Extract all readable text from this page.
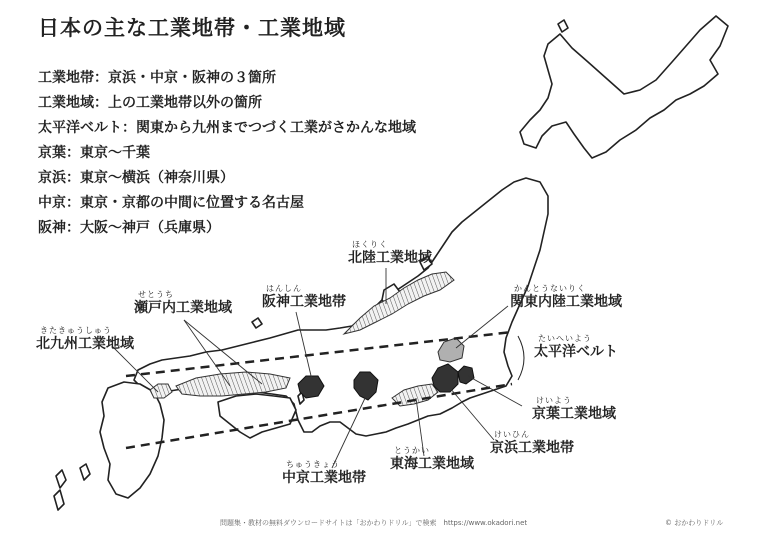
日本の主な工業地帯・工業地域
工業地帯：京浜・中京・阪神の３箇所
工業地域：上の工業地帯以外の箇所
太平洋ベルト：関東から九州までつづく工業がさかんな地域
京葉：東京～千葉
京浜：東京～横浜（神奈川県）
中京：東京・京都の中間に位置する名古屋
阪神：大阪～神戸（兵庫県）
ほくりく
北陸工業地域
せとうち
瀬戸内工業地域
はんしん
阪神工業地帯
きたきゅうしゅう
北九州工業地域
かんとうないりく
関東内陸工業地域
たいへいよう
太平洋ベルト
けいよう
京葉工業地域
けいひん
京浜工業地帯
とうかい
東海工業地域
ちゅうきょう
中京工業地帯
問題集・教材の無料ダウンロードサイトは「おかわりドリル」で検索　https://www.okadori.net	© おかわりドリル
